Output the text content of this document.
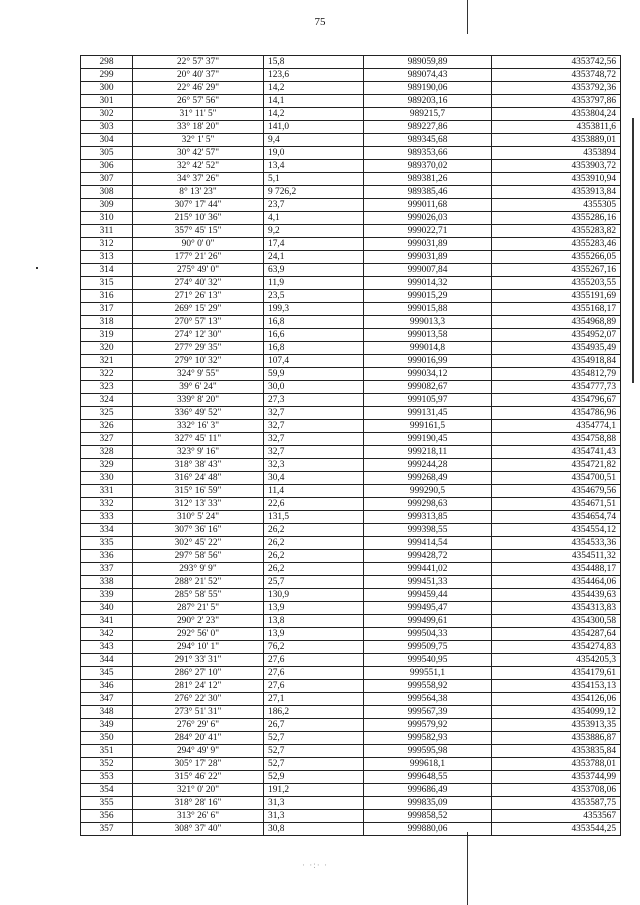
75
· ·:· ·
298	22° 57' 37"	15,8	989059,89	4353742,56
299	20° 40' 37"	123,6	989074,43	4353748,72
300	22° 46' 29"	14,2	989190,06	4353792,36
301	26° 57' 56"	14,1	989203,16	4353797,86
302	31° 11' 5"	14,2	989215,7	4353804,24
303	33° 18' 20"	141,0	989227,86	4353811,6
304	32° 1' 5"	9,4	989345,68	4353889,01
305	30° 42' 57"	19,0	989353,66	4353894
306	32° 42' 52"	13,4	989370,02	4353903,72
307	34° 37' 26"	5,1	989381,26	4353910,94
308	8° 13' 23"	9 726,2	989385,46	4353913,84
309	307° 17' 44"	23,7	999011,68	4355305
310	215° 10' 36"	4,1	999026,03	4355286,16
311	357° 45' 15"	9,2	999022,71	4355283,82
312	90° 0' 0"	17,4	999031,89	4355283,46
313	177° 21' 26"	24,1	999031,89	4355266,05
314	275° 49' 0"	63,9	999007,84	4355267,16
315	274° 40' 32"	11,9	999014,32	4355203,55
316	271° 26' 13"	23,5	999015,29	4355191,69
317	269° 15' 29"	199,3	999015,88	4355168,17
318	270° 57' 13"	16,8	999013,3	4354968,89
319	274° 12' 30"	16,6	999013,58	4354952,07
320	277° 29' 35"	16,8	999014,8	4354935,49
321	279° 10' 32"	107,4	999016,99	4354918,84
322	324° 9' 55"	59,9	999034,12	4354812,79
323	39° 6' 24"	30,0	999082,67	4354777,73
324	339° 8' 20"	27,3	999105,97	4354796,67
325	336° 49' 52"	32,7	999131,45	4354786,96
326	332° 16' 3"	32,7	999161,5	4354774,1
327	327° 45' 11"	32,7	999190,45	4354758,88
328	323° 9' 16"	32,7	999218,11	4354741,43
329	318° 38' 43"	32,3	999244,28	4354721,82
330	316° 24' 48"	30,4	999268,49	4354700,51
331	315° 16' 59"	11,4	999290,5	4354679,56
332	312° 13' 33"	22,6	999298,63	4354671,51
333	310° 5' 24"	131,5	999313,85	4354654,74
334	307° 36' 16"	26,2	999398,55	4354554,12
335	302° 45' 22"	26,2	999414,54	4354533,36
336	297° 58' 56"	26,2	999428,72	4354511,32
337	293° 9' 9"	26,2	999441,02	4354488,17
338	288° 21' 52"	25,7	999451,33	4354464,06
339	285° 58' 55"	130,9	999459,44	4354439,63
340	287° 21' 5"	13,9	999495,47	4354313,83
341	290° 2' 23"	13,8	999499,61	4354300,58
342	292° 56' 0"	13,9	999504,33	4354287,64
343	294° 10' 1"	76,2	999509,75	4354274,83
344	291° 33' 31"	27,6	999540,95	4354205,3
345	286° 27' 10"	27,6	999551,1	4354179,61
346	281° 24' 12"	27,6	999558,92	4354153,13
347	276° 22' 30"	27,1	999564,38	4354126,06
348	273° 51' 31"	186,2	999567,39	4354099,12
349	276° 29' 6"	26,7	999579,92	4353913,35
350	284° 20' 41"	52,7	999582,93	4353886,87
351	294° 49' 9"	52,7	999595,98	4353835,84
352	305° 17' 28"	52,7	999618,1	4353788,01
353	315° 46' 22"	52,9	999648,55	4353744,99
354	321° 0' 20"	191,2	999686,49	4353708,06
355	318° 28' 16"	31,3	999835,09	4353587,75
356	313° 26' 6"	31,3	999858,52	4353567
357	308° 37' 40"	30,8	999880,06	4353544,25
